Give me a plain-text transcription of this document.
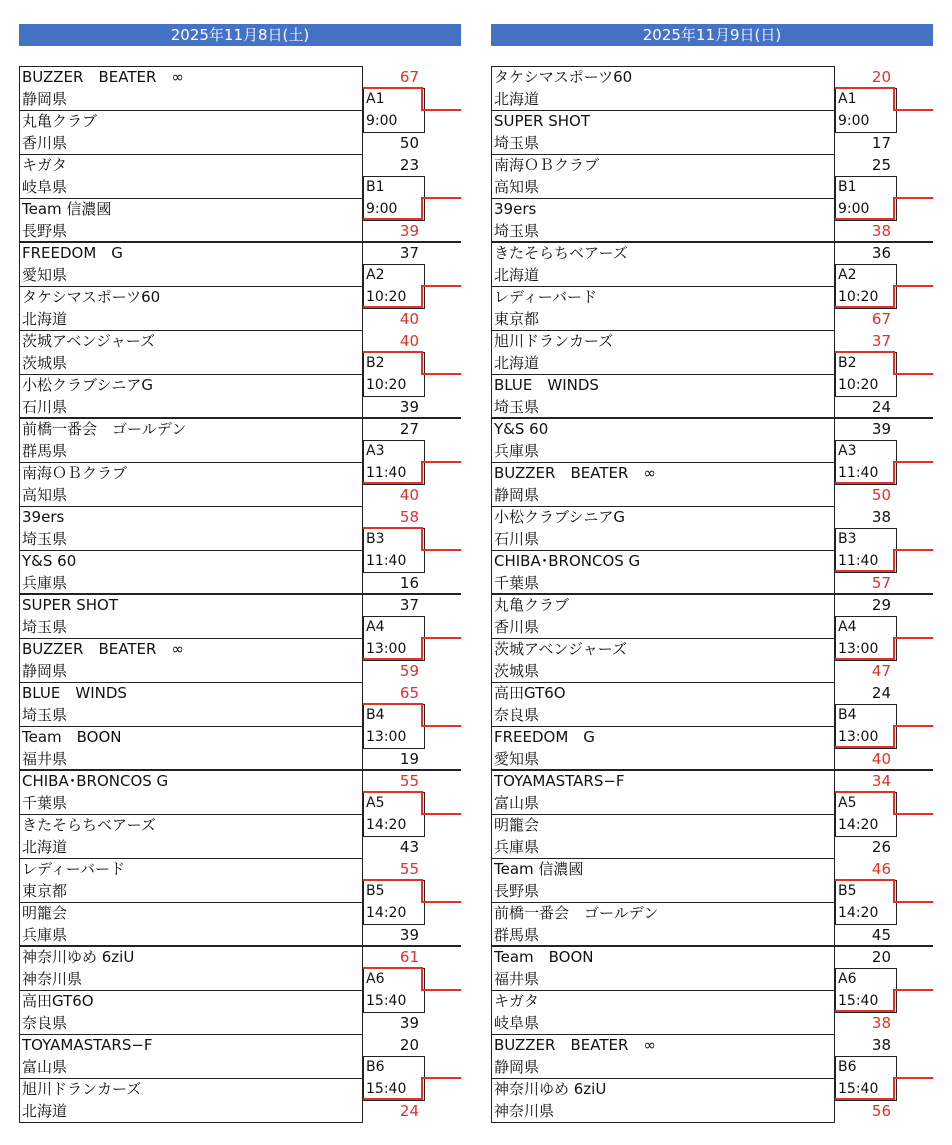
2025年11月8日(土)
BUZZER　BEATER　∞
静岡県
丸亀クラブ
香川県
67
50
A1
9:00
キガタ
岐阜県
Team 信濃國
長野県
23
39
B1
9:00
FREEDOM　G
愛知県
タケシマスポーツ60
北海道
37
40
A2
10:20
茨城アベンジャーズ
茨城県
小松クラブシニアG
石川県
40
39
B2
10:20
前橋一番会　ゴールデン
群馬県
南海ＯＢクラブ
高知県
27
40
A3
11:40
39ers
埼玉県
Y&S 60
兵庫県
58
16
B3
11:40
SUPER SHOT
埼玉県
BUZZER　BEATER　∞
静岡県
37
59
A4
13:00
BLUE　WINDS
埼玉県
Team　BOON
福井県
65
19
B4
13:00
CHIBA･BRONCOS G
千葉県
きたそらちベアーズ
北海道
55
43
A5
14:20
レディーバード
東京都
明籠会
兵庫県
55
39
B5
14:20
神奈川ゆめ 6ziU
神奈川県
高田GT6O
奈良県
61
39
A6
15:40
TOYAMASTARS−F
富山県
旭川ドランカーズ
北海道
20
24
B6
15:40
2025年11月9日(日)
タケシマスポーツ60
北海道
SUPER SHOT
埼玉県
20
17
A1
9:00
南海ＯＢクラブ
高知県
39ers
埼玉県
25
38
B1
9:00
きたそらちベアーズ
北海道
レディーバード
東京都
36
67
A2
10:20
旭川ドランカーズ
北海道
BLUE　WINDS
埼玉県
37
24
B2
10:20
Y&S 60
兵庫県
BUZZER　BEATER　∞
静岡県
39
50
A3
11:40
小松クラブシニアG
石川県
CHIBA･BRONCOS G
千葉県
38
57
B3
11:40
丸亀クラブ
香川県
茨城アベンジャーズ
茨城県
29
47
A4
13:00
高田GT6O
奈良県
FREEDOM　G
愛知県
24
40
B4
13:00
TOYAMASTARS−F
富山県
明籠会
兵庫県
34
26
A5
14:20
Team 信濃國
長野県
前橋一番会　ゴールデン
群馬県
46
45
B5
14:20
Team　BOON
福井県
キガタ
岐阜県
20
38
A6
15:40
BUZZER　BEATER　∞
静岡県
神奈川ゆめ 6ziU
神奈川県
38
56
B6
15:40
